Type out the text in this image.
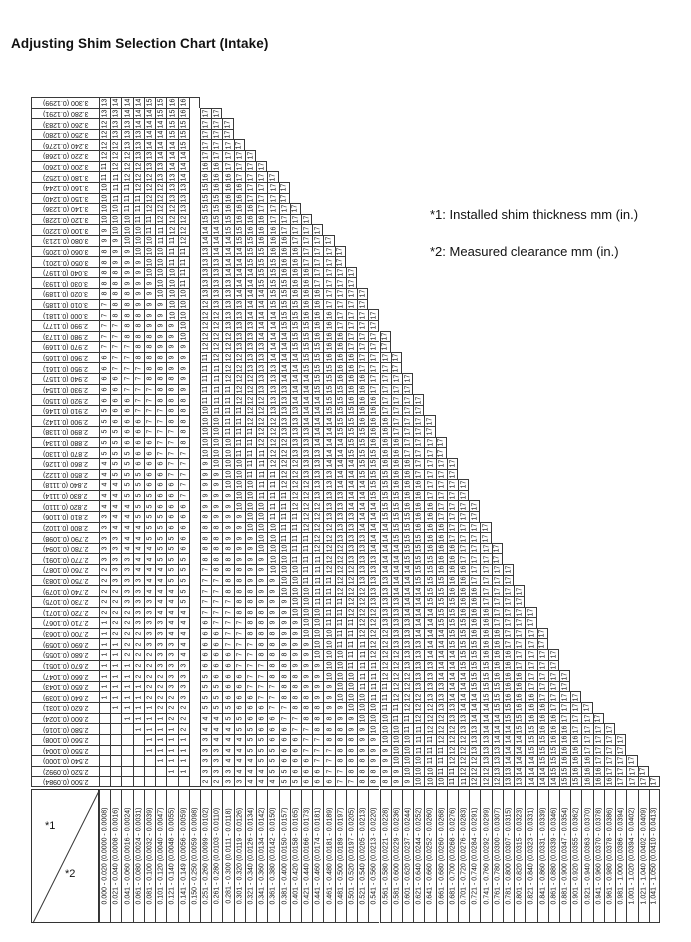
Adjusting Shim Selection Chart (Intake)
*1: Installed shim thickness mm (in.)
*2: Measured clearance mm (in.)
3.300 (0.1299)
3.280 (0.1291)
3.260 (0.1283)
3.250 (0.1280)
3.240 (0.1276)
3.220 (0.1268)
3.200 (0.1260)
3.180 (0.1252)
3.160 (0.1244)
3.150 (0.1240)
3.140 (0.1236)
3.120 (0.1228)
3.100 (0.1220)
3.080 (0.1213)
3.060 (0.1205)
3.050 (0.1201)
3.040 (0.1197)
3.030 (0.1193)
3.020 (0.1189)
3.010 (0.1185)
3.000 (0.1181)
2.990 (0.1177)
2.980 (0.1173)
2.970 (0.1169)
2.960 (0.1165)
2.950 (0.1161)
2.940 (0.1157)
2.930 (0.1154)
2.920 (0.1150)
2.910 (0.1146)
2.900 (0.1142)
2.890 (0.1138)
2.880 (0.1134)
2.870 (0.1130)
2.860 (0.1126)
2.850 (0.1122)
2.840 (0.1118)
2.830 (0.1114)
2.820 (0.1110)
2.810 (0.1106)
2.800 (0.1102)
2.790 (0.1098)
2.780 (0.1094)
2.770 (0.1091)
2.760 (0.1087)
2.750 (0.1083)
2.740 (0.1079)
2.730 (0.1075)
2.720 (0.1071)
2.710 (0.1067)
2.700 (0.1063)
2.690 (0.1059)
2.680 (0.1055)
2.670 (0.1051)
2.660 (0.1047)
2.650 (0.1043)
2.640 (0.1039)
2.620 (0.1031)
2.600 (0.1024)
2.580 (0.1016)
2.560 (0.1008)
2.550 (0.1004)
2.540 (0.1000)
2.520 (0.0992)
2.500 (0.0984)
13 14 14 14 15 15 16 16
13 13 14 14 14 15 15 16 17 17
12 13 13 14 14 14 15 15 17 17 17
12 13 13 13 14 14 15 15 17 17 17
12 12 13 13 14 14 14 15 17 17 17 17
12 12 12 13 13 14 14 14 17 17 17 17 17
11 12 12 12 13 13 14 14 16 16 17 17 17 17
11 11 12 12 12 13 13 14 16 16 16 17 17 17 17
10 11 11 12 12 12 13 13 15 16 16 16 17 17 17 17
10 11 11 11 12 12 13 13 15 15 16 16 17 17 17 17
10 10 11 11 12 12 12 13 15 15 16 16 16 17 17 17 17
10 10 10 11 11 12 12 12 15 15 15 16 16 16 17 17 17 17
9 10 10 10 11 11 12 12 14 14 15 15 16 16 16 17 17 17 17
9 9 10 10 10 11 11 12 14 14 14 15 15 16 16 16 17 17 17 17
8 9 9 10 10 10 11 11 13 14 14 14 15 15 16 16 16 17 17 17 17
8 9 9 9 10 10 11 11 13 13 14 14 15 15 15 16 16 17 17 17 17
8 8 9 9 10 10 10 11 13 13 14 14 14 15 15 16 16 16 17 17 17 17
8 8 9 9 9 10 10 11 13 13 13 14 14 15 15 15 16 16 17 17 17 17
8 8 8 9 9 10 10 10 13 13 13 14 14 14 15 15 16 16 16 17 17 17 17
7 8 8 9 9 9 10 10 12 13 13 13 14 14 15 15 15 16 16 17 17 17 17
7 8 8 8 9 9 10 10 12 12 13 13 14 14 14 15 15 16 16 16 17 17 17 17
7 7 8 8 9 9 9 10 12 12 13 13 13 14 14 15 15 15 16 16 17 17 17 17
7 7 8 8 8 9 9 10 12 12 12 13 13 14 14 14 15 15 16 16 16 17 17 17 17
7 7 7 8 8 9 9 9 12 12 12 13 13 13 14 14 15 15 15 16 16 17 17 17 17
6 7 7 8 8 8 9 9 11 12 12 12 13 13 14 14 14 15 15 16 16 16 17 17 17 17
6 7 7 7 8 8 9 9 11 11 12 12 13 13 13 14 14 15 15 15 16 16 17 17 17 17
6 6 7 7 8 8 8 9 11 11 12 12 12 13 13 14 14 14 15 15 16 16 16 17 17 17 17
6 6 7 7 7 8 8 9 11 11 11 12 12 13 13 13 14 14 15 15 15 16 16 17 17 17 17
6 6 6 7 7 8 8 8 11 11 11 12 12 12 13 13 14 14 14 15 15 16 16 16 17 17 17 17
5 6 6 7 7 7 8 8 10 11 11 11 12 12 13 13 13 14 14 15 15 15 16 16 17 17 17 17
5 6 6 6 7 7 8 8 10 10 11 11 12 12 12 13 13 14 14 14 15 15 16 16 16 17 17 17 17
5 5 6 6 7 7 7 8 10 10 11 11 11 12 12 13 13 13 14 14 15 15 15 16 16 17 17 17 17
5 5 6 6 6 7 7 8 10 10 10 11 11 12 12 12 13 13 14 14 14 15 15 16 16 16 17 17 17 17
5 5 5 6 6 7 7 7 10 10 10 11 11 11 12 12 13 13 13 14 14 15 15 15 16 16 17 17 17 17
4 5 5 6 6 6 7 7 9 10 10 10 11 11 12 12 12 13 13 14 14 14 15 15 16 16 16 17 17 17 17
4 5 5 5 6 6 7 7 9 9 10 10 11 11 11 12 12 13 13 13 14 14 15 15 15 16 16 17 17 17 17
4 4 5 5 6 6 6 7 9 9 10 10 10 11 11 12 12 12 13 13 14 14 14 15 15 16 16 16 17 17 17 17
4 4 5 5 5 6 6 7 9 9 9 10 10 11 11 11 12 12 13 13 13 14 14 15 15 15 16 16 17 17 17 17
4 4 4 5 5 6 6 6 9 9 9 10 10 10 11 11 12 12 12 13 13 14 14 14 15 15 16 16 16 17 17 17 17
3 4 4 5 5 5 6 6 8 9 9 9 10 10 11 11 11 12 12 13 13 13 14 14 15 15 15 16 16 17 17 17 17
3 4 4 4 5 5 6 6 8 8 9 9 10 10 10 11 11 12 12 12 13 13 14 14 14 15 15 16 16 16 17 17 17 17
3 3 4 4 5 5 5 6 8 8 9 9 9 10 10 11 11 11 12 12 13 13 13 14 14 15 15 15 16 16 17 17 17 17
3 3 4 4 4 5 5 6 8 8 8 9 9 10 10 10 11 11 12 12 12 13 13 14 14 14 15 15 16 16 16 17 17 17 17
3 3 3 4 4 5 5 5 8 8 8 9 9 9 10 10 11 11 11 12 12 13 13 13 14 14 15 15 15 16 16 17 17 17 17
2 3 3 4 4 4 5 5 7 8 8 8 9 9 10 10 10 11 11 12 12 12 13 13 14 14 14 15 15 16 16 16 17 17 17 17
2 3 3 3 4 4 5 5 7 7 8 8 9 9 9 10 10 11 11 11 12 12 13 13 13 14 14 15 15 15 16 16 17 17 17 17
2 2 3 3 4 4 4 5 7 7 8 8 8 9 9 10 10 10 11 11 12 12 12 13 13 14 14 14 15 15 16 16 16 17 17 17 17
2 2 3 3 3 4 4 5 7 7 7 8 8 9 9 9 10 10 11 11 11 12 12 13 13 13 14 14 15 15 15 16 16 17 17 17 17
2 2 2 3 3 4 4 4 7 7 7 8 8 8 9 9 10 10 10 11 11 12 12 12 13 13 14 14 14 15 15 16 16 16 17 17 17 17
1 2 2 3 3 3 4 4 6 7 7 7 8 8 9 9 9 10 10 11 11 11 12 12 13 13 13 14 14 15 15 15 16 16 17 17 17 17
1 2 2 2 3 3 4 4 6 6 7 7 8 8 8 9 9 10 10 10 11 11 12 12 12 13 13 14 14 14 15 15 16 16 16 17 17 17 17
1 1 2 2 3 3 3 4 6 6 7 7 7 8 8 9 9 9 10 10 11 11 11 12 12 13 13 13 14 14 15 15 15 16 16 17 17 17 17
1 1 2 2 2 3 3 4 6 6 6 7 7 8 8 8 9 9 10 10 10 11 11 12 12 12 13 13 14 14 14 15 15 16 16 16 17 17 17 17
1 1 1 2 2 3 3 3 6 6 6 7 7 7 8 8 9 9 9 10 10 11 11 11 12 12 13 13 13 14 14 15 15 15 16 16 17 17 17 17
1 1 1 2 2 2 3 3 5 6 6 6 7 7 8 8 8 9 9 10 10 10 11 11 12 12 12 13 13 14 14 14 15 15 16 16 16 17 17 17 17
1 1 1 1 2 2 3 3 5 5 6 6 7 7 7 8 8 9 9 9 10 10 11 11 11 12 12 13 13 13 14 14 15 15 15 16 16 17 17 17 17
1 1 1 1 2 2 2 3 5 5 6 6 6 7 7 8 8 8 9 9 10 10 10 11 11 12 12 12 13 13 14 14 14 15 15 16 16 16 17 17 17 17
1 1 1 1 2 2 2 5 5 5 6 6 6 7 7 8 8 8 9 9 10 10 10 11 11 12 12 12 13 13 14 14 14 15 15 16 16 16 17 17 17 17
1 1 1 1 2 2 4 4 5 5 6 6 6 7 7 8 8 8 9 9 10 10 10 11 11 12 12 12 13 13 14 14 14 15 15 16 16 16 17 17 17 17
1 1 1 1 2 4 4 4 5 5 6 6 6 7 7 8 8 8 9 9 10 10 10 11 11 12 12 12 13 13 14 14 14 15 15 16 16 16 17 17 17 17
1 1 1 1 3 4 4 4 5 5 6 6 6 7 7 8 8 8 9 9 10 10 10 11 11 12 12 12 13 13 14 14 14 15 15 16 16 16 17 17 17 17
1 1 1 1 3 3 4 4 5 5 5 6 6 7 7 7 8 8 9 9 9 10 10 11 11 11 12 12 13 13 13 14 14 15 15 15 16 16 17 17 17 17
1 1 1 3 3 4 4 4 5 5 6 6 6 7 7 8 8 8 9 9 10 10 10 11 11 12 12 12 13 13 14 14 14 15 15 16 16 16 17 17 17 17
1 1 3 3 3 4 4 4 5 5 6 6 6 7 7 8 8 8 9 9 10 10 10 11 11 12 12 12 13 13 14 14 14 15 15 16 16 16 17 17 17 17
2 2 3 3 4 4 4 5 5 6 6 6 7 7 8 8 8 9 9 10 10 10 11 11 12 12 12 13 13 14 14 14 15 15 16 16 16 17 17 17 17
0.000 - 0.020 (0.0000 - 0.0008) 0.021 - 0.040 (0.0008 - 0.0016) 0.041 - 0.060 (0.0016 - 0.0024) 0.061 - 0.080 (0.0024 - 0.0031) 0.081 - 0.100 (0.0032 - 0.0039) 0.101 - 0.120 (0.0040 - 0.0047) 0.121 - 0.140 (0.0048 - 0.0055) 0.141 - 0.149 (0.0056 - 0.0059) 0.150 - 0.250 (0.0059 - 0.0098) 0.251 - 0.260 (0.0099 - 0.0102) 0.261 - 0.280 (0.0103 - 0.0110) 0.281 - 0.300 (0.0111 - 0.0118) 0.301 - 0.320 (0.0119 - 0.0126) 0.321 - 0.340 (0.0126 - 0.0134) 0.341 - 0.360 (0.0134 - 0.0142) 0.361 - 0.380 (0.0142 - 0.0150) 0.381 - 0.400 (0.0150 - 0.0157) 0.401 - 0.420 (0.0158 - 0.0165) 0.421 - 0.440 (0.0166 - 0.0173) 0.441 - 0.460 (0.0174 - 0.0181) 0.461 - 0.480 (0.0181 - 0.0189) 0.481 - 0.500 (0.0189 - 0.0197) 0.501 - 0.520 (0.0197 - 0.0205) 0.521 - 0.540 (0.0205 - 0.0213) 0.541 - 0.560 (0.0213 - 0.0220) 0.561 - 0.580 (0.0221 - 0.0228) 0.581 - 0.600 (0.0229 - 0.0236) 0.601 - 0.620 (0.0237 - 0.0244) 0.621 - 0.640 (0.0244 - 0.0252) 0.641 - 0.660 (0.0252 - 0.0260) 0.661 - 0.680 (0.0260 - 0.0268) 0.681 - 0.700 (0.0268 - 0.0276) 0.701 - 0.720 (0.0276 - 0.0283) 0.721 - 0.740 (0.0284 - 0.0291) 0.741 - 0.760 (0.0292 - 0.0299) 0.761 - 0.780 (0.0300 - 0.0307) 0.781 - 0.800 (0.0307 - 0.0315) 0.801 - 0.820 (0.0315 - 0.0323) 0.821 - 0.840 (0.0323 - 0.0331) 0.841 - 0.860 (0.0331 - 0.0339) 0.861 - 0.880 (0.0339 - 0.0346) 0.881 - 0.900 (0.0347 - 0.0354) 0.901 - 0.920 (0.0355 - 0.0362) 0.921 - 0.940 (0.0363 - 0.0370) 0.941 - 0.960 (0.0370 - 0.0378) 0.961 - 0.980 (0.0378 - 0.0386) 0.981 - 1.000 (0.0386 - 0.0394) 1.001 - 1.020 (0.0394 - 0.0402) 1.021 - 1.040 (0.0402 - 0.0409) 1.041 - 1.050 (0.0410 - 0.0413)
*1
*2
